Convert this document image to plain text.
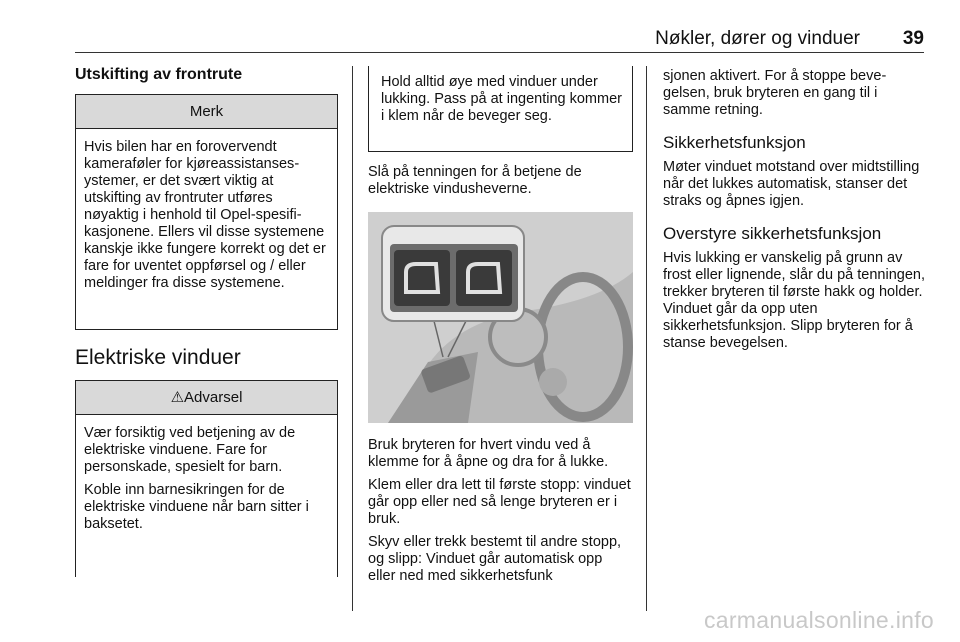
Nøkler, dører og vinduer 39
Utskifting av frontrute
Merk

Hvis bilen har en forovervendt kameraføler for kjøreassistansesystemer, er det svært viktig at utskifting av frontruter utføres nøyaktig i henhold til Opel-spesifikasjonene. Ellers vil disse systemene kanskje ikke fungere korrekt og det er fare for uventet oppførsel og / eller meldinger fra disse systemene.

Elektriske vinduer
⚠Advarsel

Vær forsiktig ved betjening av de elektriske vinduene. Fare for personskade, spesielt for barn.

Koble inn barnesikringen for de elektriske vinduene når barn sitter i baksetet.

Hold alltid øye med vinduer under lukking. Pass på at ingenting kommer i klem når de beveger seg.

Slå på tenningen for å betjene de elektriske vindusheverne.

Bruk bryteren for hvert vindu ved å klemme for å åpne og dra for å lukke.

Klem eller dra lett til første stopp: vinduet går opp eller ned så lenge bryteren er i bruk.

Skyv eller trekk bestemt til andre stopp, og slipp: Vinduet går automatisk opp eller ned med sikkerhetsfunk

sjonen aktivert. For å stoppe bevegelsen, bruk bryteren en gang til i samme retning.

Sikkerhetsfunksjon

Møter vinduet motstand over midtstilling når det lukkes automatisk, stanser det straks og åpnes igjen.

Overstyre sikkerhetsfunksjon

Hvis lukking er vanskelig på grunn av frost eller lignende, slår du på tenningen, trekker bryteren til første hakk og holder. Vinduet går da opp uten sikkerhetsfunksjon. Slipp bryteren for å stanse bevegelsen.

carmanualsonline.info
